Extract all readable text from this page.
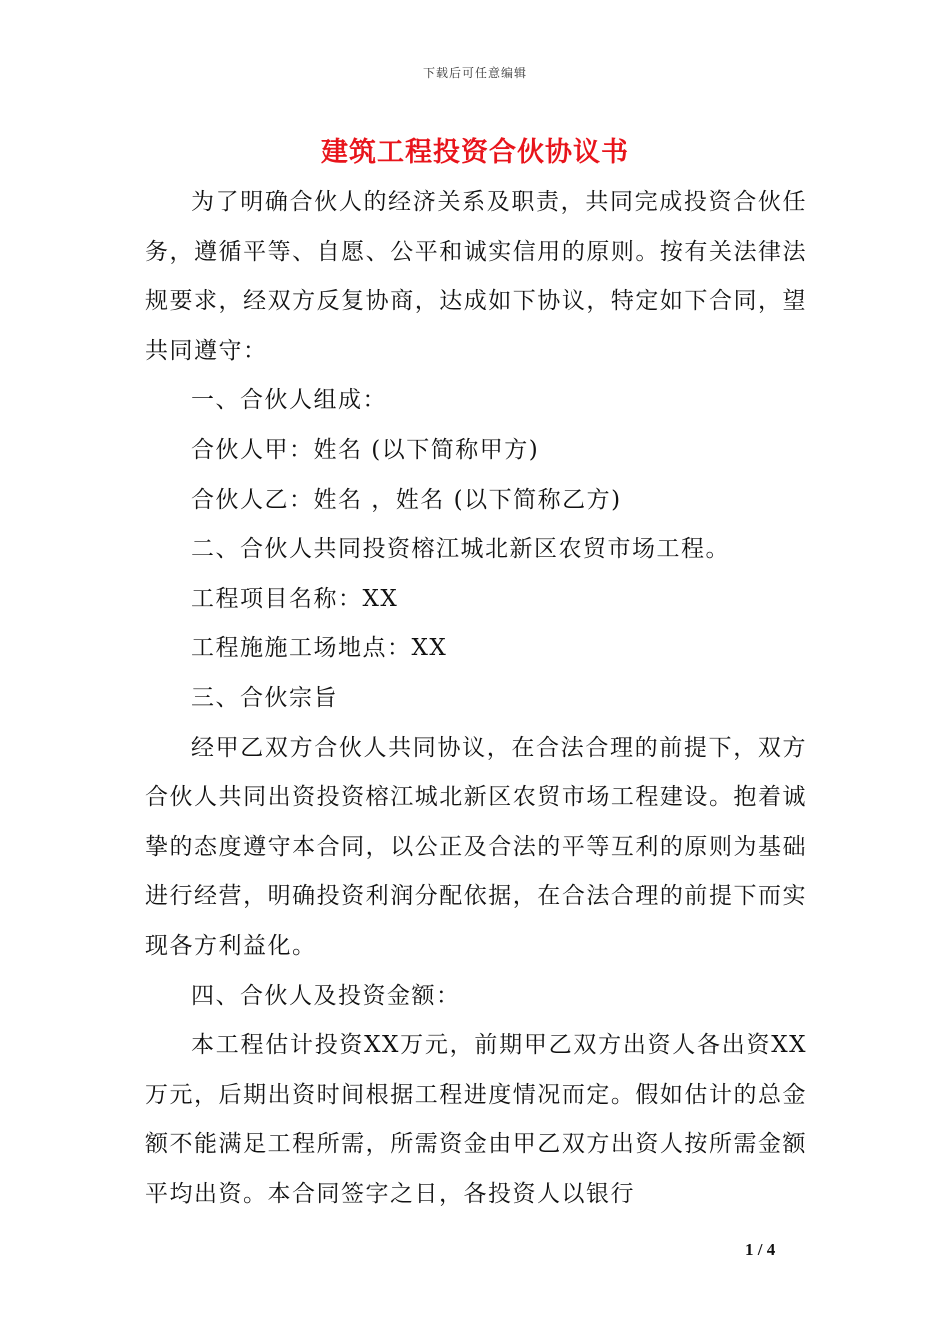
下载后可任意编辑
建筑工程投资合伙协议书

为了明确合伙人的经济关系及职责，共同完成投资合伙任务，遵循平等、自愿、公平和诚实信用的原则。按有关法律法规要求，经双方反复协商，达成如下协议，特定如下合同，望共同遵守：

一、合伙人组成：

合伙人甲：姓名 (以下简称甲方)

合伙人乙：姓名 ，姓名 (以下简称乙方)

二、合伙人共同投资榕江城北新区农贸市场工程。

工程项目名称：XX

工程施施工场地点：XX

三、合伙宗旨

经甲乙双方合伙人共同协议，在合法合理的前提下，双方合伙人共同出资投资榕江城北新区农贸市场工程建设。抱着诚挚的态度遵守本合同，以公正及合法的平等互利的原则为基础进行经营，明确投资利润分配依据，在合法合理的前提下而实现各方利益化。

四、合伙人及投资金额：

本工程估计投资XX万元，前期甲乙双方出资人各出资XX万元，后期出资时间根据工程进度情况而定。假如估计的总金额不能满足工程所需，所需资金由甲乙双方出资人按所需金额平均出资。本合同签字之日，各投资人以银行

1 / 4
